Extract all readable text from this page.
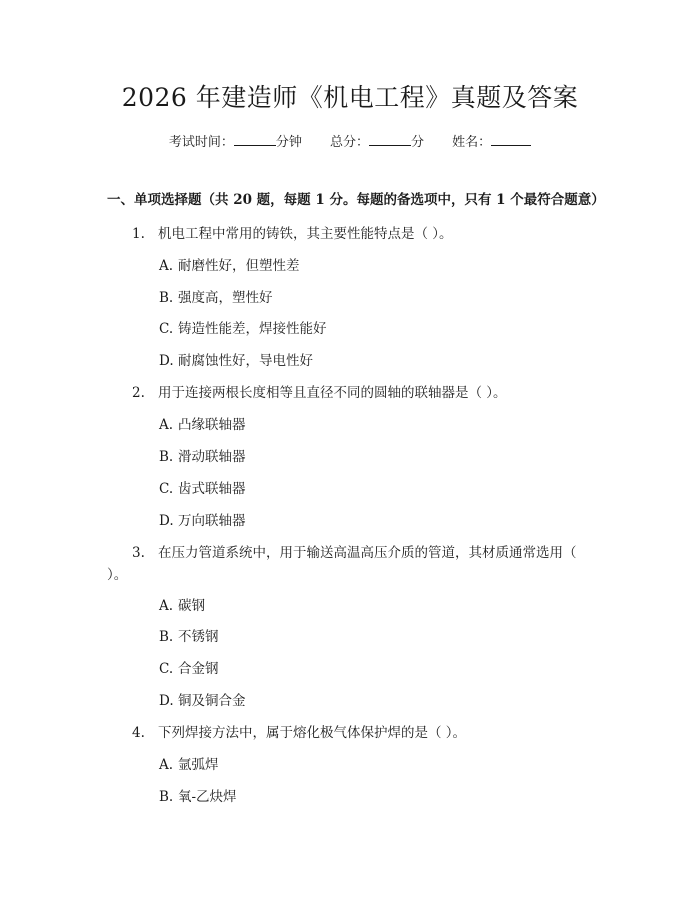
2026 年建造师《机电工程》真题及答案
考试时间：	分钟 总分：	分 姓名：
一、单项选择题（共 20 题，每题 1 分。每题的备选项中，只有 1 个最符合题意）
1. 机电工程中常用的铸铁，其主要性能特点是（ ）。
A. 耐磨性好，但塑性差
B. 强度高，塑性好
C. 铸造性能差，焊接性能好
D. 耐腐蚀性好，导电性好
2. 用于连接两根长度相等且直径不同的圆轴的联轴器是（ ）。
A. 凸缘联轴器
B. 滑动联轴器
C. 齿式联轴器
D. 万向联轴器
3. 在压力管道系统中，用于输送高温高压介质的管道，其材质通常选用（ ）。
A. 碳钢
B. 不锈钢
C. 合金钢
D. 铜及铜合金
4. 下列焊接方法中，属于熔化极气体保护焊的是（ ）。
A. 氩弧焊
B. 氧-乙炔焊
